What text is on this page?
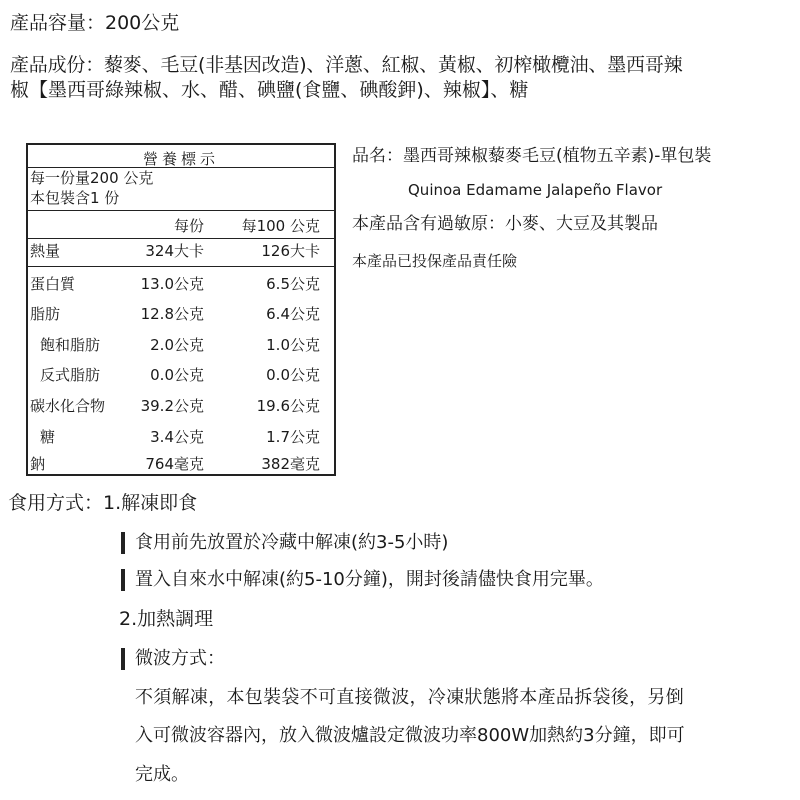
產品容量：200公克
產品成份：藜麥、毛豆(非基因改造)、洋蔥、紅椒、黃椒、初榨橄欖油、墨西哥辣
椒【墨西哥綠辣椒、水、醋、碘鹽(食鹽、碘酸鉀)、辣椒】、糖
營養標示
每一份量200 公克
本包裝含1 份
每份	每100 公克
熱量	324大卡	126大卡
蛋白質	13.0公克	6.5公克
脂肪	12.8公克	6.4公克
飽和脂肪	2.0公克	1.0公克
反式脂肪	0.0公克	0.0公克
碳水化合物 39.2公克	19.6公克
糖	3.4公克	1.7公克
鈉	764毫克	382毫克
品名：墨西哥辣椒藜麥毛豆(植物五辛素)-單包裝
Quinoa Edamame Jalapeño Flavor
本產品含有過敏原：小麥、大豆及其製品
本產品已投保產品責任險
食用方式：1.解凍即食
食用前先放置於冷藏中解凍(約3-5小時)
置入自來水中解凍(約5-10分鐘)，開封後請儘快食用完畢。
2.加熱調理
微波方式：
不須解凍，本包裝袋不可直接微波，冷凍狀態將本產品拆袋後，另倒
入可微波容器內，放入微波爐設定微波功率800W加熱約3分鐘，即可
完成。
